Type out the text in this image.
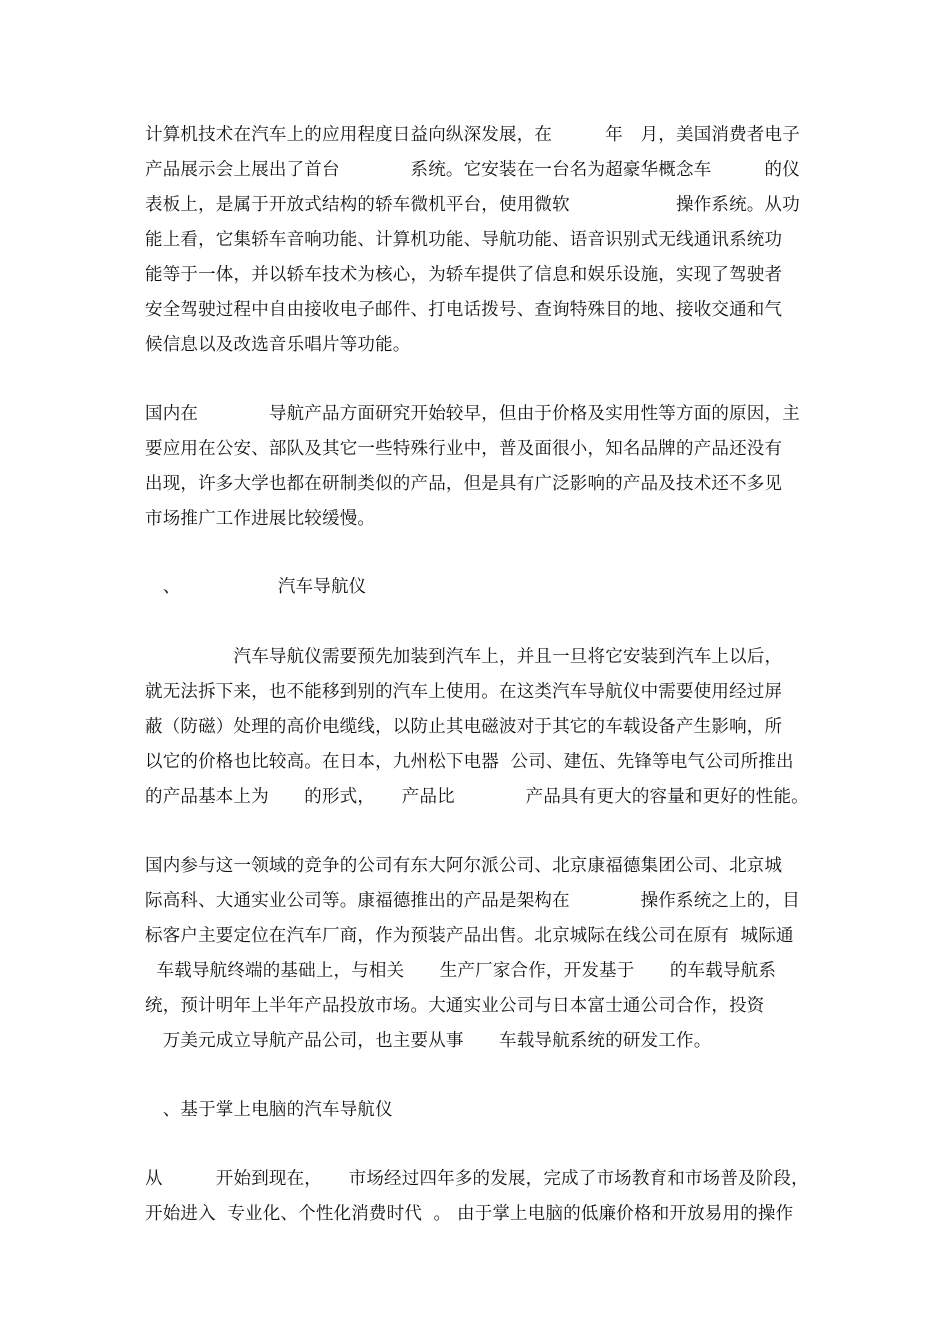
计算机技术在汽车上的应用程度日益向纵深发展，在　　　年　月，美国消费者电子
产品展示会上展出了首台　　　　系统。它安装在一台名为超豪华概念车　　　的仪
表板上，是属于开放式结构的轿车微机平台，使用微软　　　　　　操作系统。从功
能上看，它集轿车音响功能、计算机功能、导航功能、语音识别式无线通讯系统功
能等于一体，并以轿车技术为核心，为轿车提供了信息和娱乐设施，实现了驾驶者
安全驾驶过程中自由接收电子邮件、打电话拨号、查询特殊目的地、接收交通和气
候信息以及改选音乐唱片等功能。
国内在　　　　导航产品方面研究开始较早，但由于价格及实用性等方面的原因，主
要应用在公安、部队及其它一些特殊行业中，普及面很小，知名品牌的产品还没有
出现，许多大学也都在研制类似的产品，但是具有广泛影响的产品及技术还不多见
市场推广工作进展比较缓慢。
　、　　　　　　汽车导航仪
　　　　　汽车导航仪需要预先加装到汽车上，并且一旦将它安装到汽车上以后，
就无法拆下来，也不能移到别的汽车上使用。在这类汽车导航仪中需要使用经过屏
蔽（防磁）处理的高价电缆线，以防止其电磁波对于其它的车载设备产生影响，所
以它的价格也比较高。在日本，九州松下电器  公司、建伍、先锋等电气公司所推出
的产品基本上为　　的形式，　　产品比　　　　产品具有更大的容量和更好的性能。
国内参与这一领域的竞争的公司有东大阿尔派公司、北京康福德集团公司、北京城
际高科、大通实业公司等。康福德推出的产品是架构在　　　　操作系统之上的，目
标客户主要定位在汽车厂商，作为预装产品出售。北京城际在线公司在原有  城际通
车载导航终端的基础上，与相关　　生产厂家合作，开发基于　　的车载导航系
统，预计明年上半年产品投放市场。大通实业公司与日本富士通公司合作，投资
　万美元成立导航产品公司，也主要从事　　车载导航系统的研发工作。
　、基于掌上电脑的汽车导航仪
从　　　开始到现在，　　市场经过四年多的发展，完成了市场教育和市场普及阶段，
开始进入  专业化、个性化消费时代  。 由于掌上电脑的低廉价格和开放易用的操作
